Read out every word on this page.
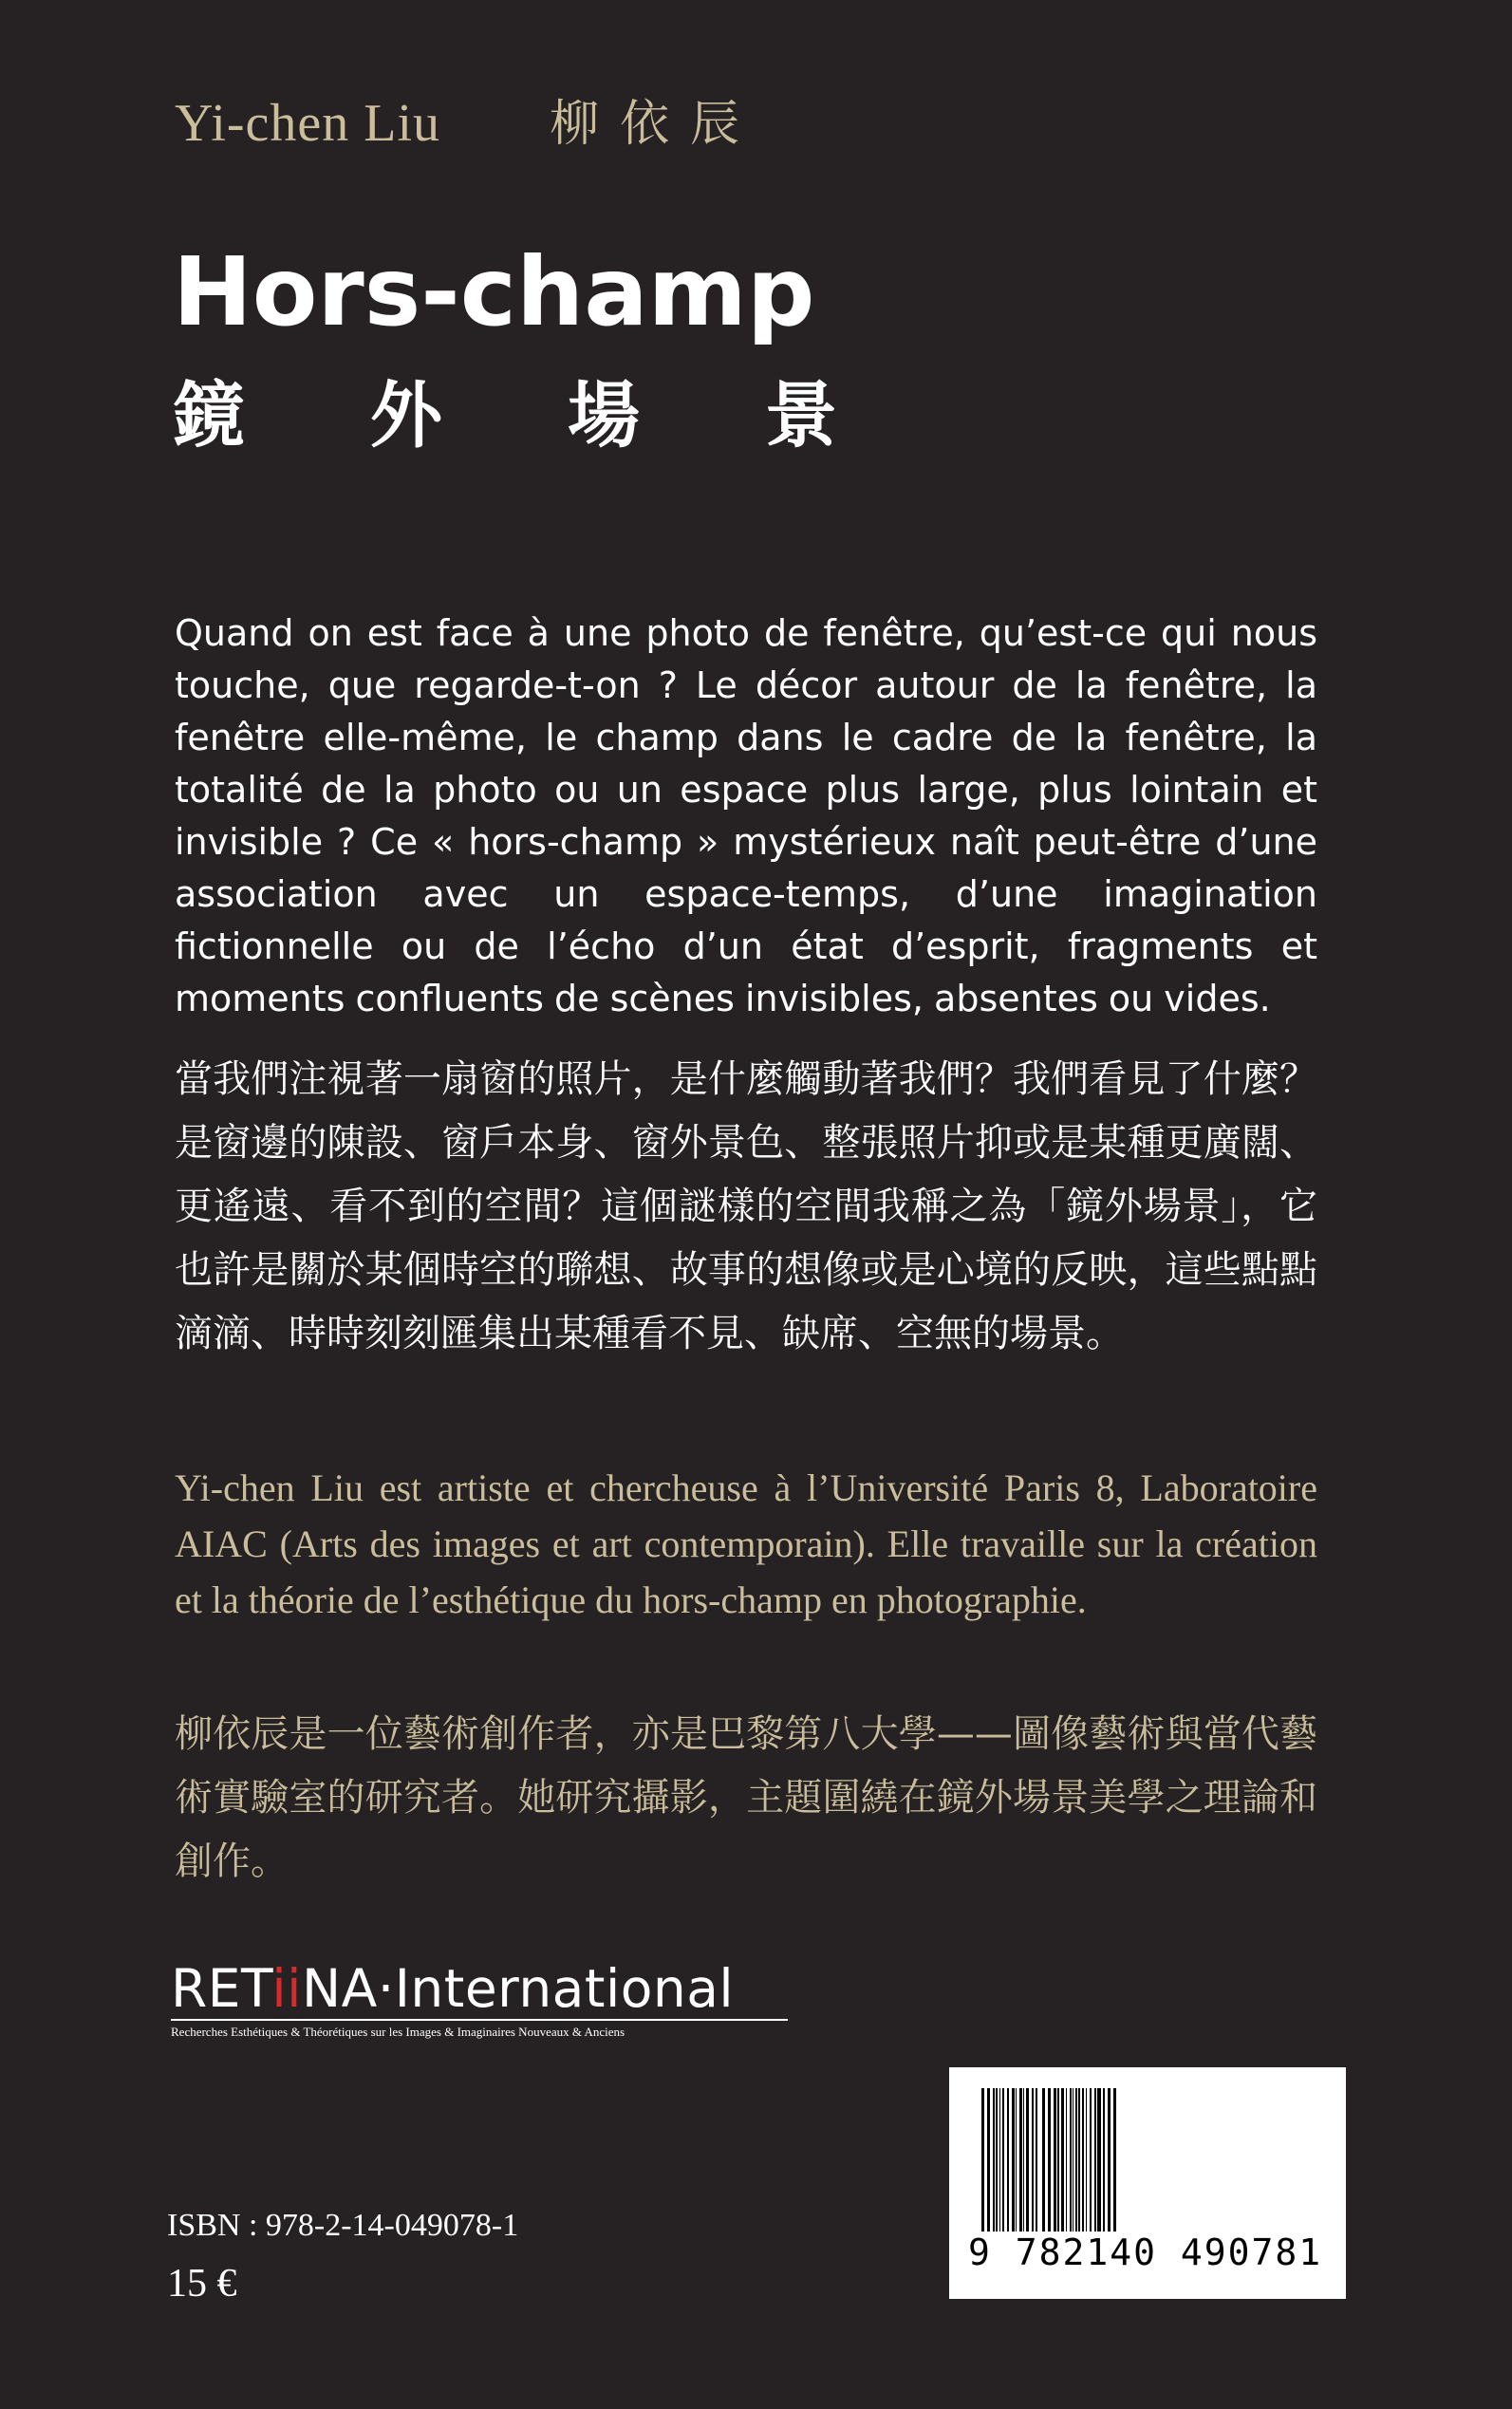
Yi-chen Liu 柳依辰
Hors-champ
鏡 外 場 景

Quand on est face à une photo de fenêtre, qu’est-ce qui nous touche, que regarde-t-on ? Le décor autour de la fenêtre, la fenêtre elle-même, le champ dans le cadre de la fenêtre, la totalité de la photo ou un espace plus large, plus lointain et invisible ? Ce « hors-champ » mystérieux naît peut-être d’une association avec un espace-temps, d’une imagination fictionnelle ou de l’écho d’un état d’esprit, fragments et moments confluents de scènes invisibles, absentes ou vides.

當我們注視著一扇窗的照片，是什麼觸動著我們？我們看見了什麼？是窗邊的陳設、窗戶本身、窗外景色、整張照片抑或是某種更廣闊、更遙遠、看不到的空間？這個謎樣的空間我稱之為「鏡外場景」，它也許是關於某個時空的聯想、故事的想像或是心境的反映，這些點點滴滴、時時刻刻匯集出某種看不見、缺席、空無的場景。

Yi-chen Liu est artiste et chercheuse à l’Université Paris 8, Laboratoire AIAC (Arts des images et art contemporain). Elle travaille sur la création et la théorie de l’esthétique du hors-champ en photographie.

柳依辰是一位藝術創作者，亦是巴黎第八大學——圖像藝術與當代藝術實驗室的研究者。她研究攝影，主題圍繞在鏡外場景美學之理論和創作。

RETiiNA·International
Recherches Esthétiques & Théorétiques sur les Images & Imaginaires Nouveaux & Anciens
ISBN : 978-2-14-049078-1
15 €
9 782140 490781
